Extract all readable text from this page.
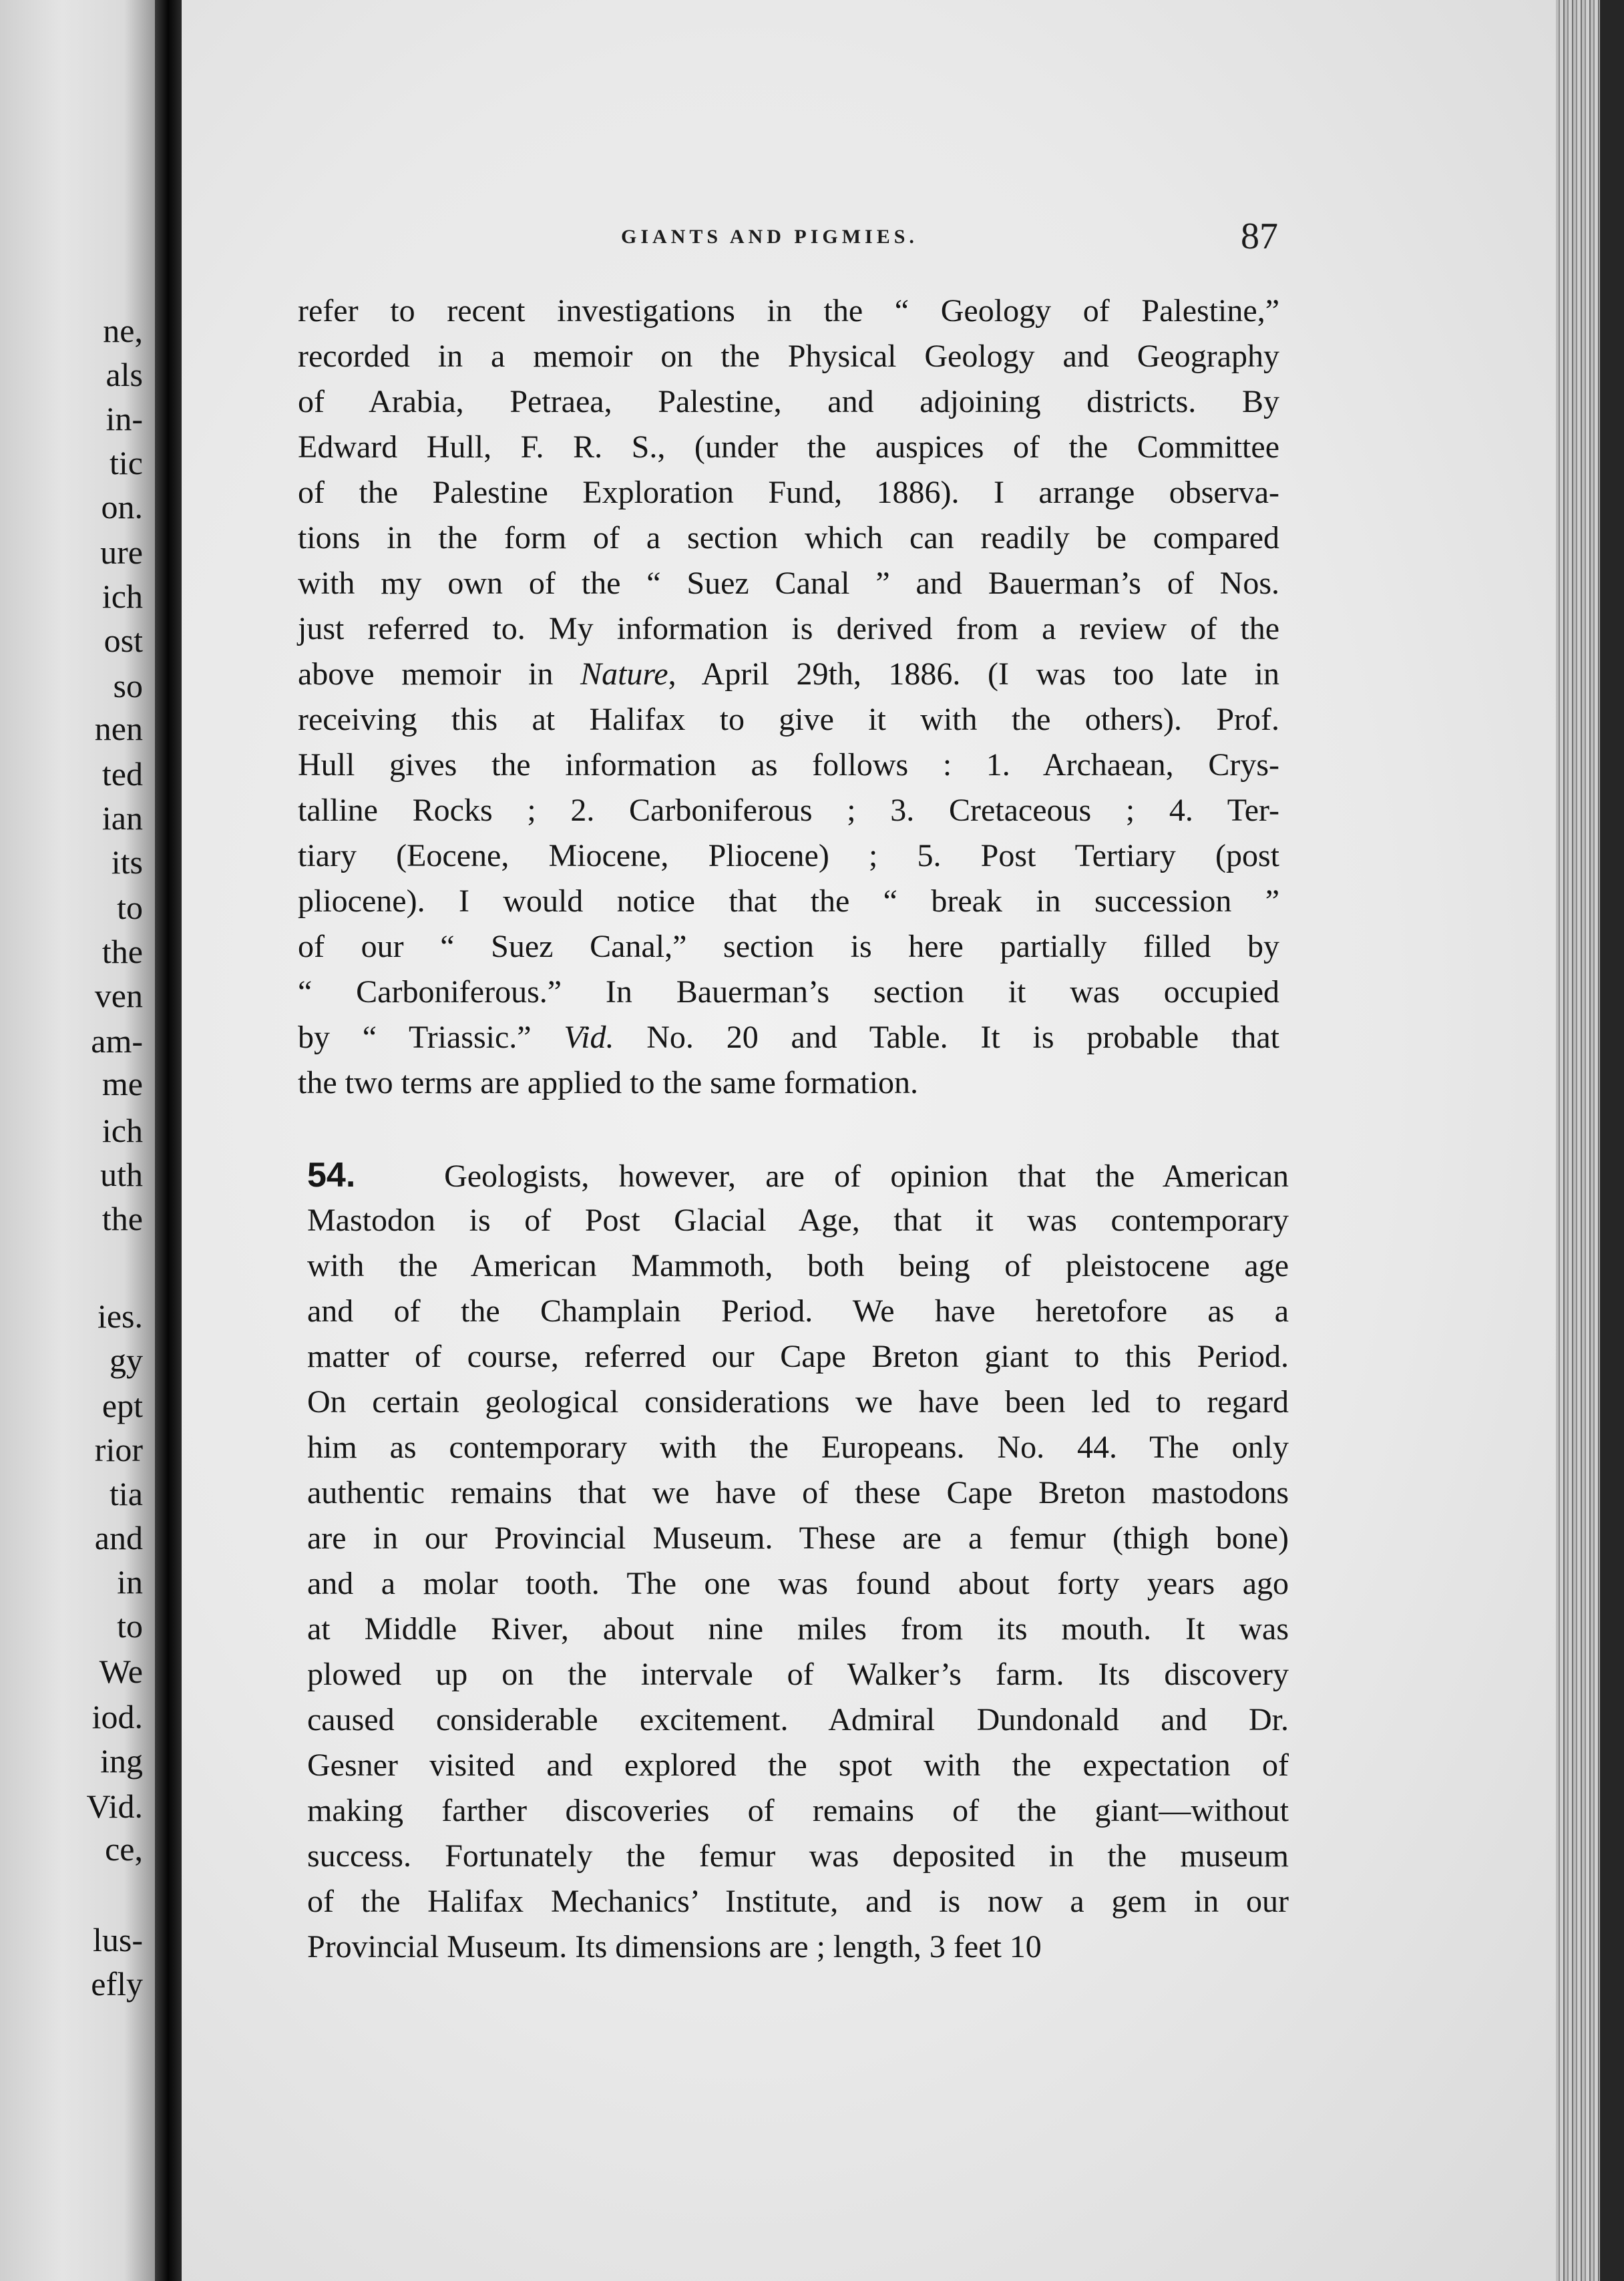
ne,
als
in-
tic
on.
ure
ich
ost
so
nen
ted
ian
its
to
the
ven
am-
me
ich
uth
the
ies.
gy
ept
rior
tia
and
in
to
We
iod.
ing
Vid.
ce,
lus-
efly
GIANTS AND PIGMIES.	87
refer to recent investigations in the “ Geology of Palestine,”
recorded in a memoir on the Physical Geology and Geography
of Arabia, Petraea, Palestine, and adjoining districts. By
Edward Hull, F. R. S., (under the auspices of the Committee
of the Palestine Exploration Fund, 1886). I arrange observa-
tions in the form of a section which can readily be compared
with my own of the “ Suez Canal ” and Bauerman’s of Nos.
just referred to. My information is derived from a review of the
above memoir in Nature, April 29th, 1886. (I was too late in
receiving this at Halifax to give it with the others). Prof.
Hull gives the information as follows : 1. Archaean, Crys-
talline Rocks ; 2. Carboniferous ; 3. Cretaceous ; 4. Ter-
tiary (Eocene, Miocene, Pliocene) ; 5. Post Tertiary (post
pliocene). I would notice that the “ break in succession ”
of our “ Suez Canal,” section is here partially filled by
“ Carboniferous.” In Bauerman’s section it was occupied
by “ Triassic.” Vid. No. 20 and Table. It is probable that
the two terms are applied to the same formation.
54.	Geologists, however, are of opinion that the American
Mastodon is of Post Glacial Age, that it was contemporary
with the American Mammoth, both being of pleistocene age
and of the Champlain Period. We have heretofore as a
matter of course, referred our Cape Breton giant to this Period.
On certain geological considerations we have been led to regard
him as contemporary with the Europeans. No. 44. The only
authentic remains that we have of these Cape Breton mastodons
are in our Provincial Museum. These are a femur (thigh bone)
and a molar tooth. The one was found about forty years ago
at Middle River, about nine miles from its mouth. It was
plowed up on the intervale of Walker’s farm. Its discovery
caused considerable excitement. Admiral Dundonald and Dr.
Gesner visited and explored the spot with the expectation of
making farther discoveries of remains of the giant—without
success. Fortunately the femur was deposited in the museum
of the Halifax Mechanics’ Institute, and is now a gem in our
Provincial Museum. Its dimensions are ; length, 3 feet 10
